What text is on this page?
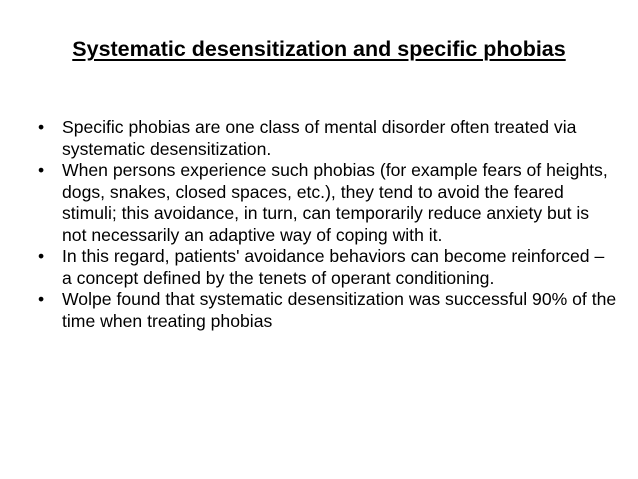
Systematic desensitization and specific phobias
•	Specific phobias are one class of mental disorder often treated via systematic desensitization.
•	When persons experience such phobias (for example fears of heights, dogs, snakes, closed spaces, etc.), they tend to avoid the feared stimuli; this avoidance, in turn, can temporarily reduce anxiety but is not necessarily an adaptive way of coping with it.
•	In this regard, patients' avoidance behaviors can become reinforced – a concept defined by the tenets of operant conditioning.
•	Wolpe found that systematic desensitization was successful 90% of the time when treating phobias
